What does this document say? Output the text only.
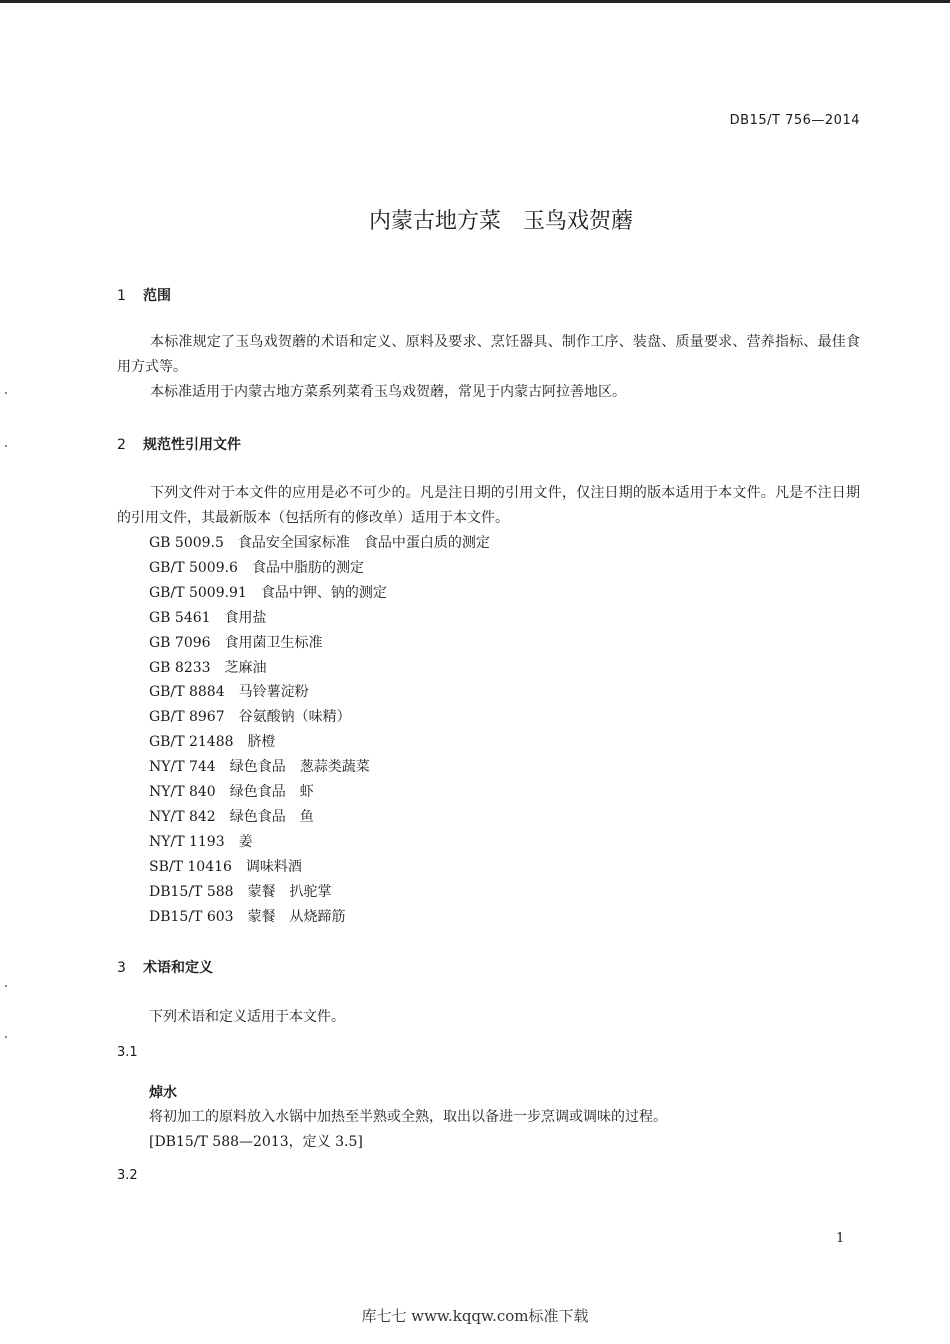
DB15/T 756—2014
内蒙古地方菜　玉鸟戏贺蘑
1 范围
本标准规定了玉鸟戏贺蘑的术语和定义、原料及要求、烹饪器具、制作工序、装盘、质量要求、营养指标、最佳食用方式等。
本标准适用于内蒙古地方菜系列菜肴玉鸟戏贺蘑，常见于内蒙古阿拉善地区。
2 规范性引用文件
下列文件对于本文件的应用是必不可少的。凡是注日期的引用文件，仅注日期的版本适用于本文件。凡是不注日期的引用文件，其最新版本（包括所有的修改单）适用于本文件。
GB 5009.5　食品安全国家标准　食品中蛋白质的测定
GB/T 5009.6　食品中脂肪的测定
GB/T 5009.91　食品中钾、钠的测定
GB 5461　食用盐
GB 7096　食用菌卫生标准
GB 8233　芝麻油
GB/T 8884　马铃薯淀粉
GB/T 8967　谷氨酸钠（味精）
GB/T 21488　脐橙
NY/T 744　绿色食品　葱蒜类蔬菜
NY/T 840　绿色食品　虾
NY/T 842　绿色食品　鱼
NY/T 1193　姜
SB/T 10416　调味料酒
DB15/T 588　蒙餐　扒驼掌
DB15/T 603　蒙餐　从烧蹄筋
3 术语和定义
下列术语和定义适用于本文件。
3.1
焯水
将初加工的原料放入水锅中加热至半熟或全熟，取出以备进一步烹调或调味的过程。
[DB15/T 588—2013，定义 3.5]
3.2
1
库七七 www.kqqw.com标准下载
